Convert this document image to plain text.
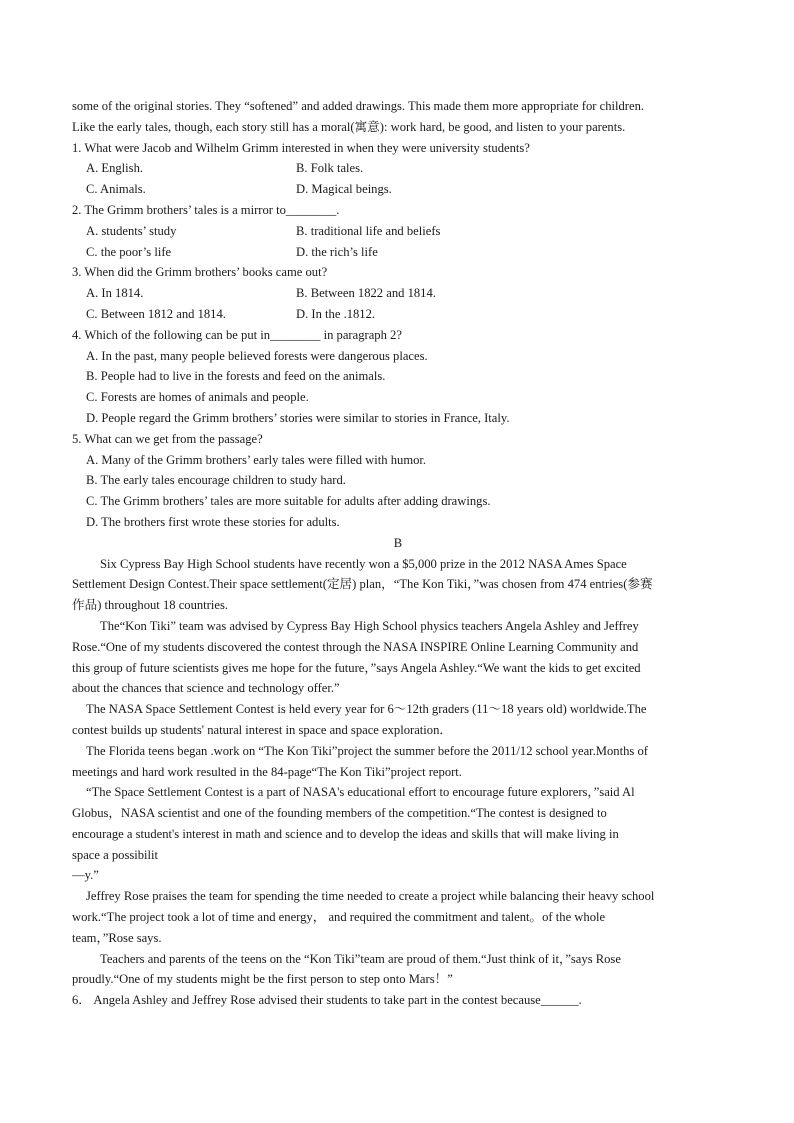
some of the original stories. They “softened” and added drawings. This made them more appropriate for children.
Like the early tales, though, each story still has a moral(寓意): work hard, be good, and listen to your parents.
1. What were Jacob and Wilhelm Grimm interested in when they were university students?
A. English.	B. Folk tales.
C. Animals.	D. Magical beings.
2. The Grimm brothers’ tales is a mirror to________.
A. students’ study	B. traditional life and beliefs
C. the poor’s life	D. the rich’s life
3. When did the Grimm brothers’ books came out?
A. In 1814.	B. Between 1822 and 1814.
C. Between 1812 and 1814.	D. In the .1812.
4. Which of the following can be put in________ in paragraph 2?
A. In the past, many people believed forests were dangerous places.
B. People had to live in the forests and feed on the animals.
C. Forests are homes of animals and people.
D. People regard the Grimm brothers’ stories were similar to stories in France, Italy.
5. What can we get from the passage?
A. Many of the Grimm brothers’ early tales were filled with humor.
B. The early tales encourage children to study hard.
C. The Grimm brothers’ tales are more suitable for adults after adding drawings.
D. The brothers first wrote these stories for adults.
B
Six Cypress Bay High School students have recently won a $5,000 prize in the 2012 NASA Ames Space
Settlement Design Contest.Their space settlement(定居) plan，“The Kon Tiki，”was chosen from 474 entries(参赛
作品) throughout 18 countries.
The“Kon Tiki” team was advised by Cypress Bay High School physics teachers Angela Ashley and Jeffrey
Rose.“One of my students discovered the contest through the NASA INSPIRE Online Learning Community and
this group of future scientists gives me hope for the future，”says Angela Ashley.“We want the kids to get excited
about the chances that science and technology offer.”
The NASA Space Settlement Contest is held every year for 6～12th graders (11～18 years old) worldwide.The
contest builds up students' natural interest in space and space exploration．
The Florida teens began .work on “The Kon Tiki”project the summer before the 2011/12 school year.Months of
meetings and hard work resulted in the 84-page“The Kon Tiki”project report.
“The Space Settlement Contest is a part of NASA's educational effort to encourage future explorers，”said Al
Globus，NASA scientist and one of the founding members of the competition.“The contest is designed to
encourage a student's interest in math and science and to develop the ideas and skills that will make living in
space a possibilit
—y.”
Jeffrey Rose praises the team for spending the time needed to create a project while balancing their heavy school
work.“The project took a lot of time and energy， and required the commitment and talent。of the whole
team，”Rose says.
Teachers and parents of the teens on the “Kon Tiki”team are proud of them.“Just think of it，”says Rose
proudly.“One of my students might be the first person to step onto Mars！”
6． Angela Ashley and Jeffrey Rose advised their students to take part in the contest because______.
